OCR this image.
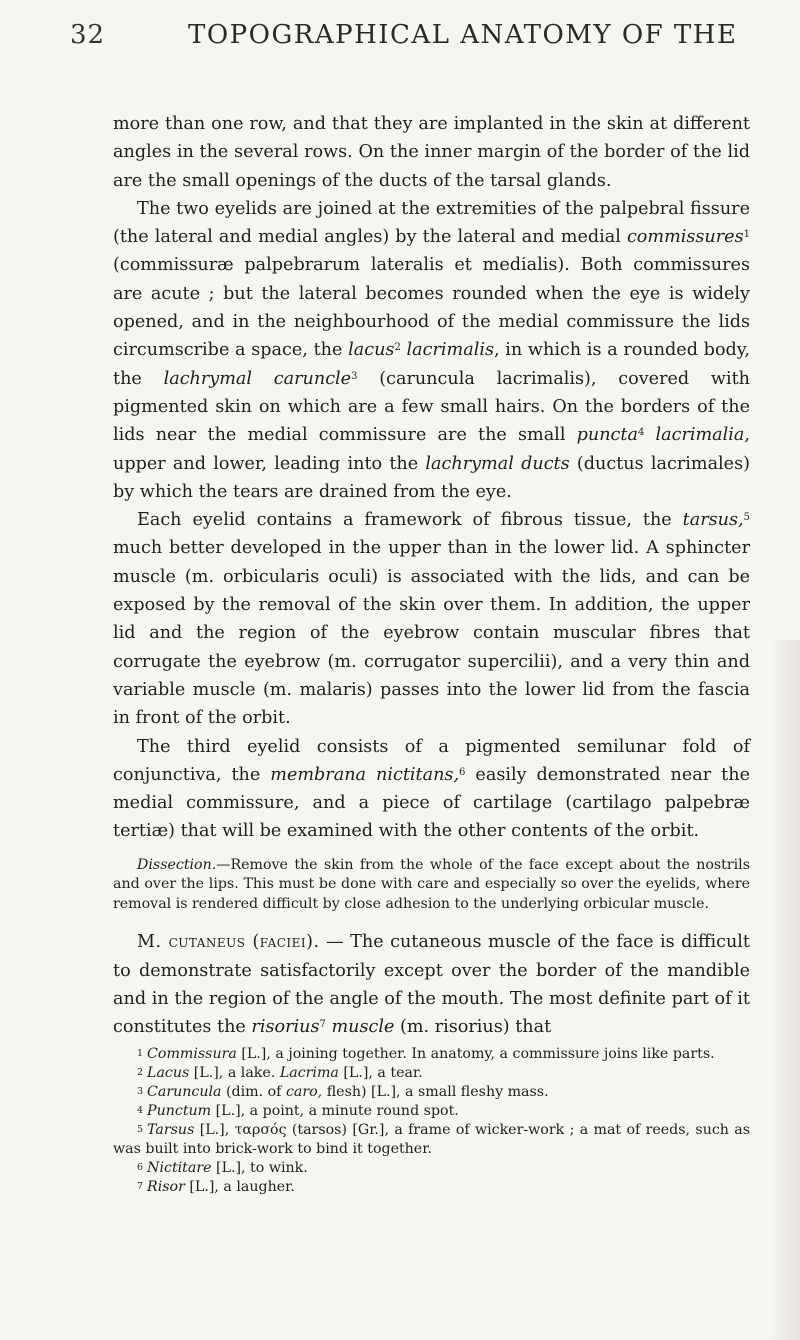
32	TOPOGRAPHICAL ANATOMY OF THE

more than one row, and that they are implanted in the skin at different angles in the several rows. On the inner margin of the border of the lid are the small openings of the ducts of the tarsal glands.

The two eyelids are joined at the extremities of the palpebral fissure (the lateral and medial angles) by the lateral and medial commissures$^1$ (commissuræ palpebrarum lateralis et medialis). Both commissures are acute ; but the lateral becomes rounded when the eye is widely opened, and in the neighbourhood of the medial commissure the lids circumscribe a space, the lacus$^2$ lacrimalis, in which is a rounded body, the lachrymal caruncle$^3$ (caruncula lacrimalis), covered with pigmented skin on which are a few small hairs. On the borders of the lids near the medial commissure are the small puncta$^4$ lacrimalia, upper and lower, leading into the lachrymal ducts (ductus lacrimales) by which the tears are drained from the eye.

Each eyelid contains a framework of fibrous tissue, the tarsus,$^5$ much better developed in the upper than in the lower lid. A sphincter muscle (m. orbicularis oculi) is associated with the lids, and can be exposed by the removal of the skin over them. In addition, the upper lid and the region of the eyebrow contain muscular fibres that corrugate the eyebrow (m. corrugator supercilii), and a very thin and variable muscle (m. malaris) passes into the lower lid from the fascia in front of the orbit.

The third eyelid consists of a pigmented semilunar fold of conjunctiva, the membrana nictitans,$^6$ easily demonstrated near the medial commissure, and a piece of cartilage (cartilago palpebræ tertiæ) that will be examined with the other contents of the orbit.

Dissection.—Remove the skin from the whole of the face except about the nostrils and over the lips. This must be done with care and especially so over the eyelids, where removal is rendered difficult by close adhesion to the underlying orbicular muscle.

M. cutaneus (faciei). — The cutaneous muscle of the face is difficult to demonstrate satisfactorily except over the border of the mandible and in the region of the angle of the mouth. The most definite part of it constitutes the risorius$^7$ muscle (m. risorius) that

$^1$ Commissura [L.], a joining together. In anatomy, a commissure joins like parts.

$^2$ Lacus [L.], a lake. Lacrima [L.], a tear.

$^3$ Caruncula (dim. of caro, flesh) [L.], a small fleshy mass.

$^4$ Punctum [L.], a point, a minute round spot.

$^5$ Tarsus [L.], ταρσός (tarsos) [Gr.], a frame of wicker-work ; a mat of reeds, such as was built into brick-work to bind it together.

$^6$ Nictitare [L.], to wink.

$^7$ Risor [L.], a laugher.
